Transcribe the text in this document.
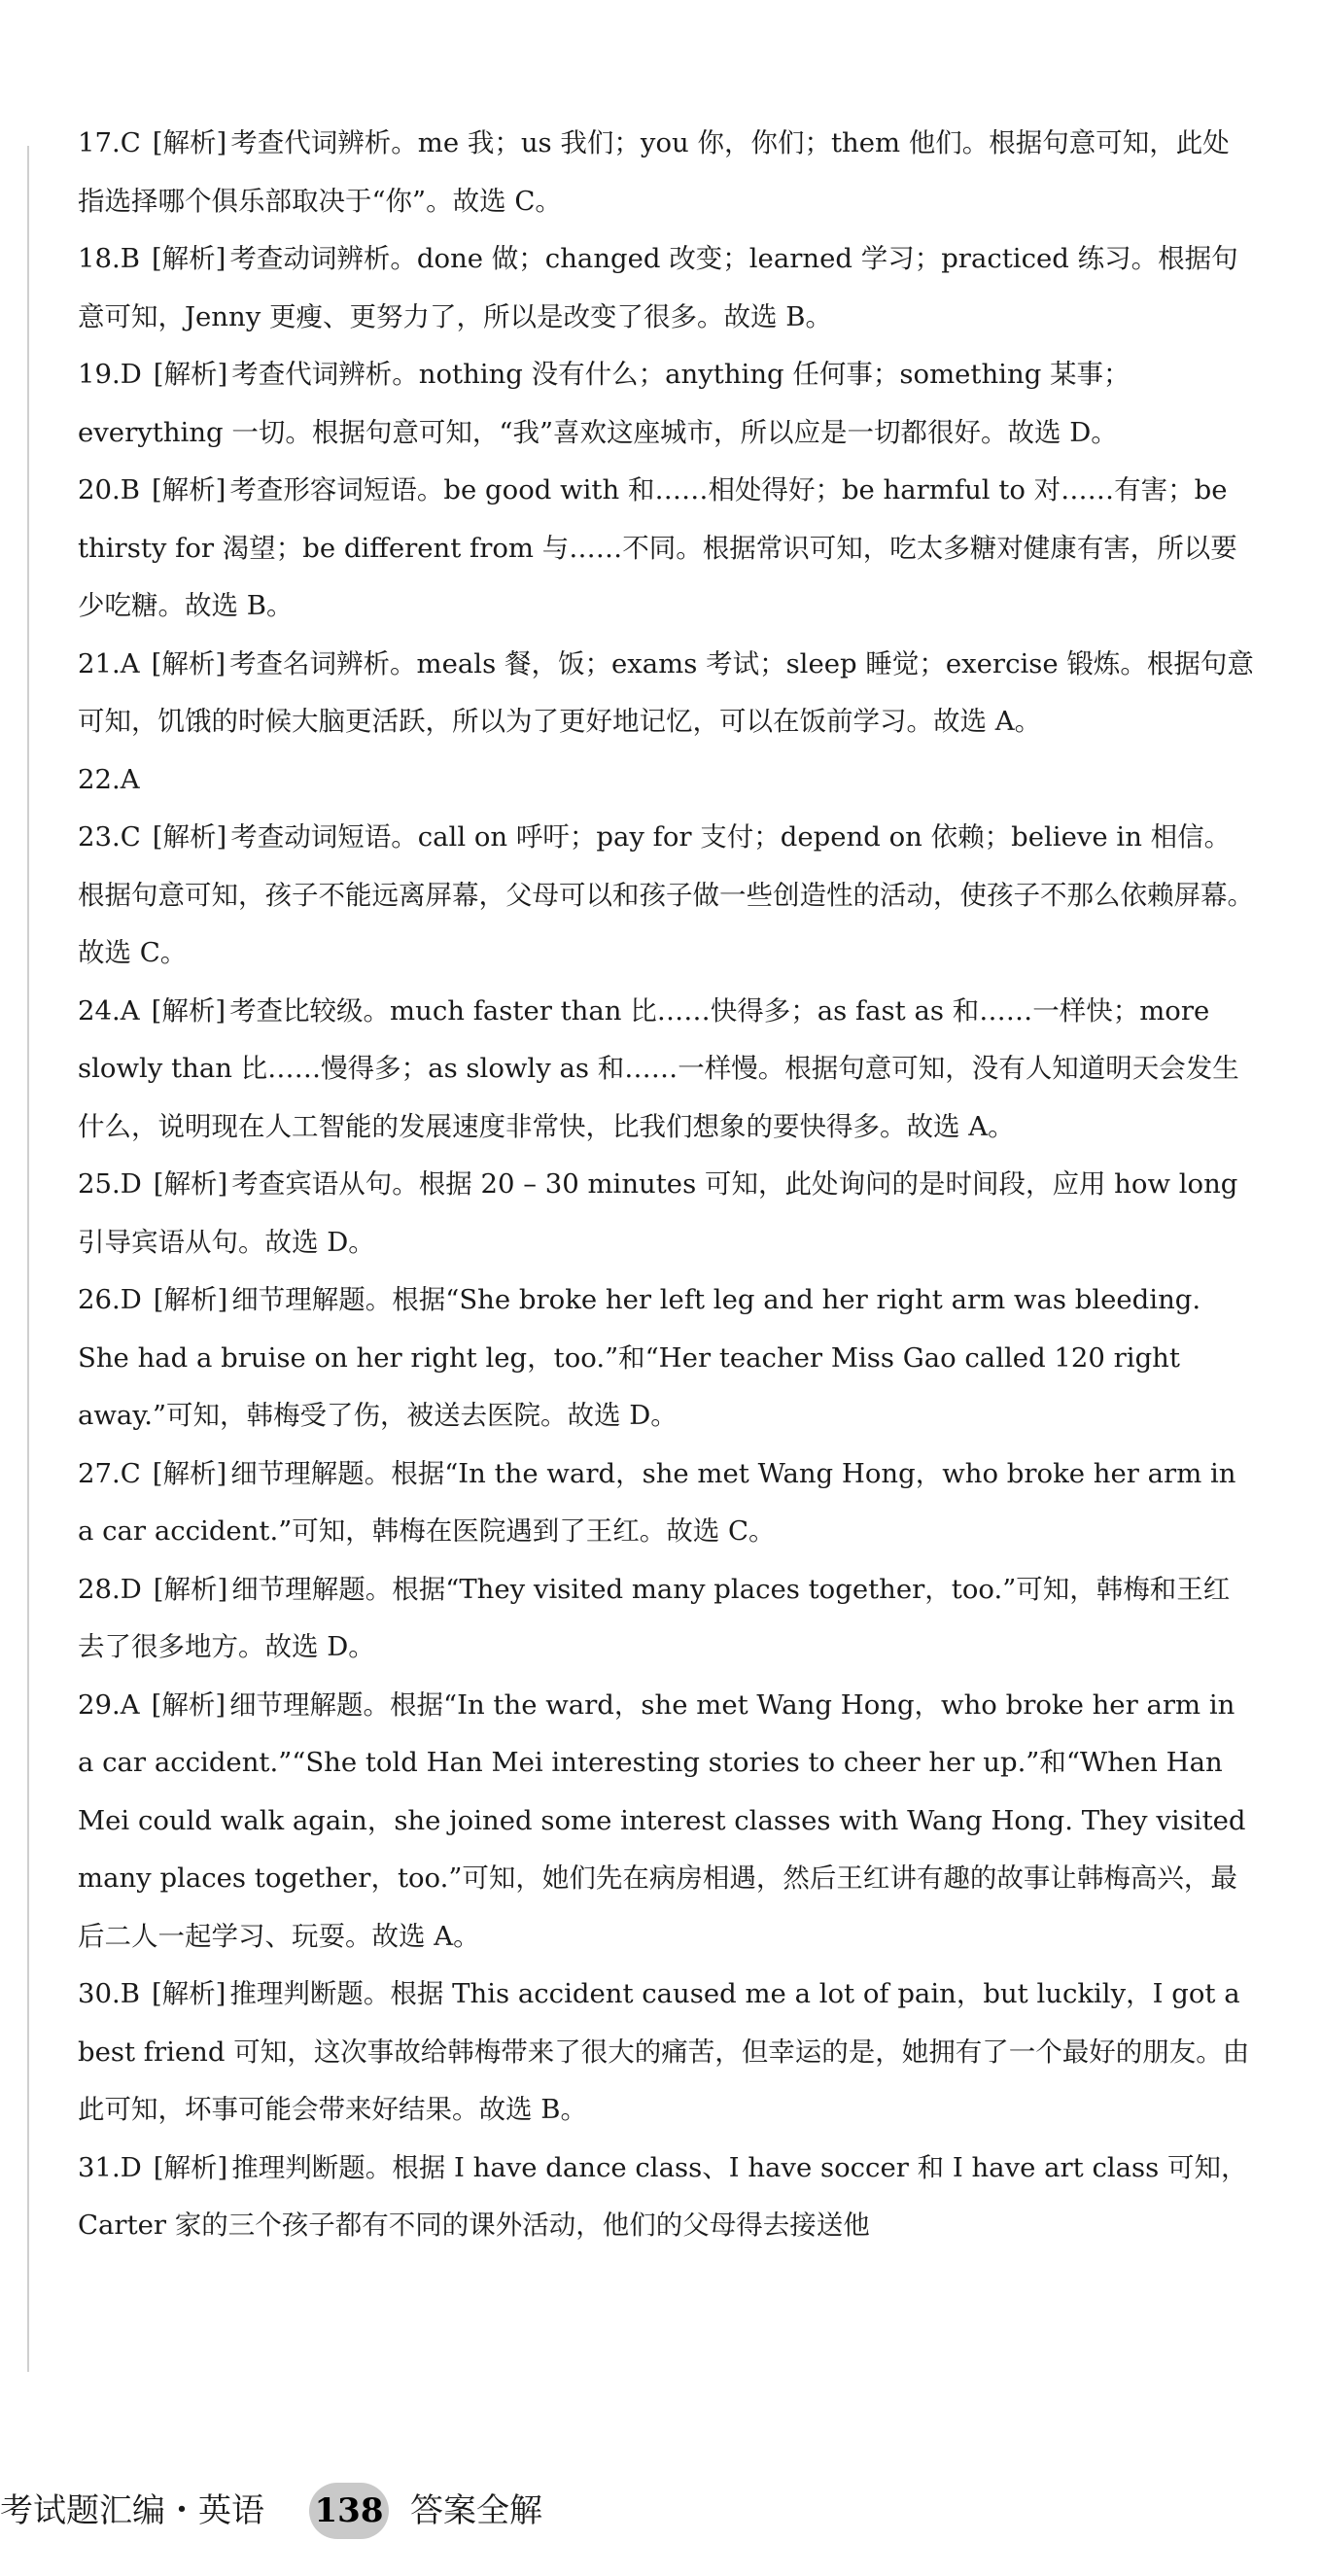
17.C [解析] 考查代词辨析。me 我；us 我们；you 你，你们；them 他们。根据句意可知，此处指选择哪个俱乐部取决于“你”。故选 C。

18.B [解析] 考查动词辨析。done 做；changed 改变；learned 学习；practiced 练习。根据句意可知，Jenny 更瘦、更努力了，所以是改变了很多。故选 B。

19.D [解析] 考查代词辨析。nothing 没有什么；anything 任何事；something 某事；everything 一切。根据句意可知，“我”喜欢这座城市，所以应是一切都很好。故选 D。

20.B [解析] 考查形容词短语。be good with 和……相处得好；be harmful to 对……有害；be thirsty for 渴望；be different from 与……不同。根据常识可知，吃太多糖对健康有害，所以要少吃糖。故选 B。

21.A [解析] 考查名词辨析。meals 餐，饭；exams 考试；sleep 睡觉；exercise 锻炼。根据句意可知，饥饿的时候大脑更活跃，所以为了更好地记忆，可以在饭前学习。故选 A。

22.A

23.C [解析] 考查动词短语。call on 呼吁；pay for 支付；depend on 依赖；believe in 相信。根据句意可知，孩子不能远离屏幕，父母可以和孩子做一些创造性的活动，使孩子不那么依赖屏幕。故选 C。

24.A [解析] 考查比较级。much faster than 比……快得多；as fast as 和……一样快；more slowly than 比……慢得多；as slowly as 和……一样慢。根据句意可知，没有人知道明天会发生什么，说明现在人工智能的发展速度非常快，比我们想象的要快得多。故选 A。

25.D [解析] 考查宾语从句。根据 20 – 30 minutes 可知，此处询问的是时间段，应用 how long 引导宾语从句。故选 D。

26.D [解析] 细节理解题。根据“She broke her left leg and her right arm was bleeding. She had a bruise on her right leg，too.”和“Her teacher Miss Gao called 120 right away.”可知，韩梅受了伤，被送去医院。故选 D。

27.C [解析] 细节理解题。根据“In the ward，she met Wang Hong，who broke her arm in a car accident.”可知，韩梅在医院遇到了王红。故选 C。

28.D [解析] 细节理解题。根据“They visited many places together，too.”可知，韩梅和王红去了很多地方。故选 D。

29.A [解析] 细节理解题。根据“In the ward，she met Wang Hong，who broke her arm in a car accident.”“She told Han Mei interesting stories to cheer her up.”和“When Han Mei could walk again，she joined some interest classes with Wang Hong. They visited many places together，too.”可知，她们先在病房相遇，然后王红讲有趣的故事让韩梅高兴，最后二人一起学习、玩耍。故选 A。

30.B [解析] 推理判断题。根据 This accident caused me a lot of pain，but luckily，I got a best friend 可知，这次事故给韩梅带来了很大的痛苦，但幸运的是，她拥有了一个最好的朋友。由此可知，坏事可能会带来好结果。故选 B。

31.D [解析] 推理判断题。根据 I have dance class、I have soccer 和 I have art class 可知，Carter 家的三个孩子都有不同的课外活动，他们的父母得去接送他

考试题汇编・英语 138 答案全解
